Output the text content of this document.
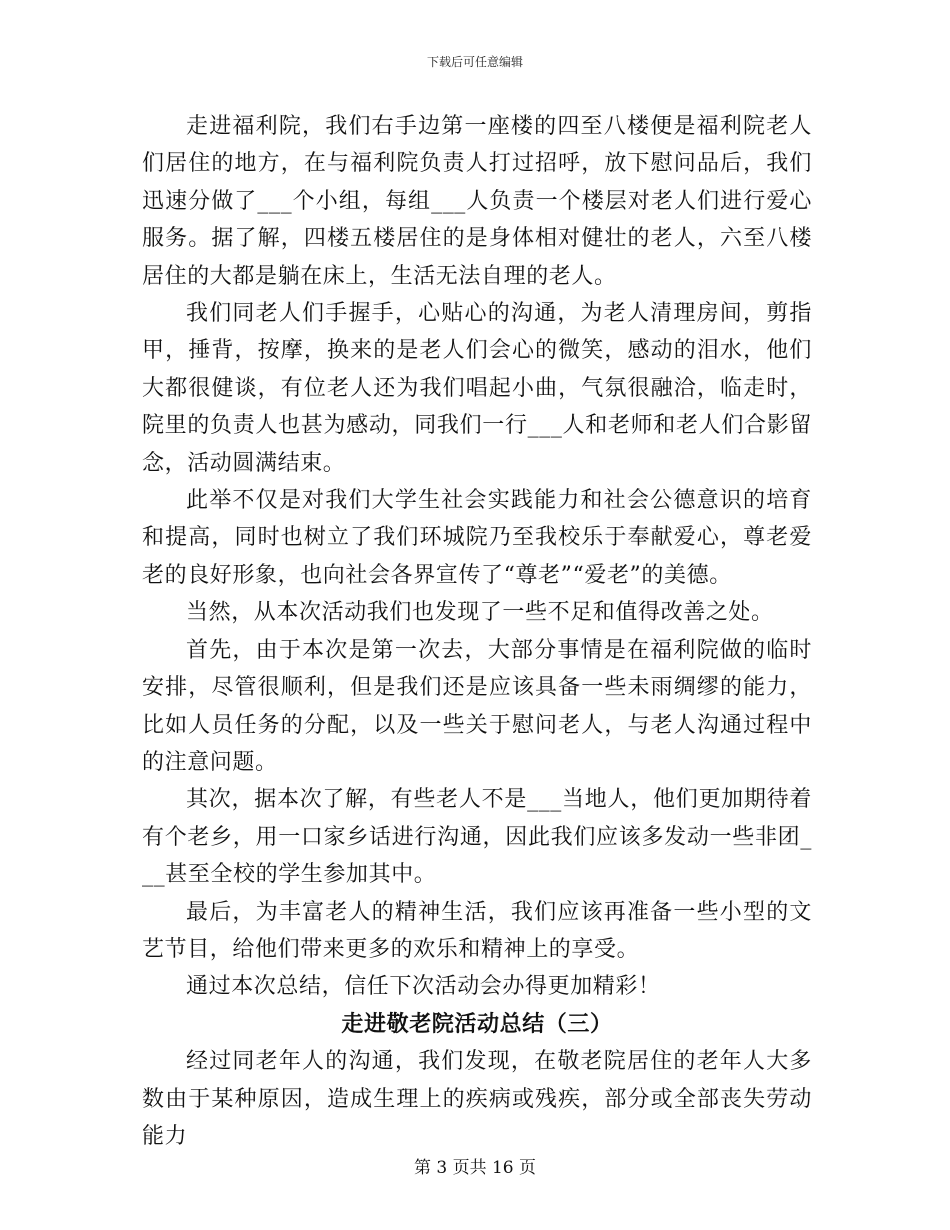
下载后可任意编辑

走进福利院，我们右手边第一座楼的四至八楼便是福利院老人们居住的地方，在与福利院负责人打过招呼，放下慰问品后，我们迅速分做了___个小组，每组___人负责一个楼层对老人们进行爱心服务。据了解，四楼五楼居住的是身体相对健壮的老人，六至八楼居住的大都是躺在床上，生活无法自理的老人。

我们同老人们手握手，心贴心的沟通，为老人清理房间，剪指甲，捶背，按摩，换来的是老人们会心的微笑，感动的泪水，他们大都很健谈，有位老人还为我们唱起小曲，气氛很融洽，临走时，院里的负责人也甚为感动，同我们一行___人和老师和老人们合影留念，活动圆满结束。

此举不仅是对我们大学生社会实践能力和社会公德意识的培育和提高，同时也树立了我们环城院乃至我校乐于奉献爱心，尊老爱老的良好形象，也向社会各界宣传了“尊老”“爱老”的美德。

当然，从本次活动我们也发现了一些不足和值得改善之处。

首先，由于本次是第一次去，大部分事情是在福利院做的临时安排，尽管很顺利，但是我们还是应该具备一些未雨绸缪的能力，比如人员任务的分配，以及一些关于慰问老人，与老人沟通过程中的注意问题。

其次，据本次了解，有些老人不是___当地人，他们更加期待着有个老乡，用一口家乡话进行沟通，因此我们应该多发动一些非团___甚至全校的学生参加其中。

最后，为丰富老人的精神生活，我们应该再准备一些小型的文艺节目，给他们带来更多的欢乐和精神上的享受。

通过本次总结，信任下次活动会办得更加精彩！

走进敬老院活动总结（三）

经过同老年人的沟通，我们发现，在敬老院居住的老年人大多数由于某种原因，造成生理上的疾病或残疾，部分或全部丧失劳动能力

第 3 页共 16 页
